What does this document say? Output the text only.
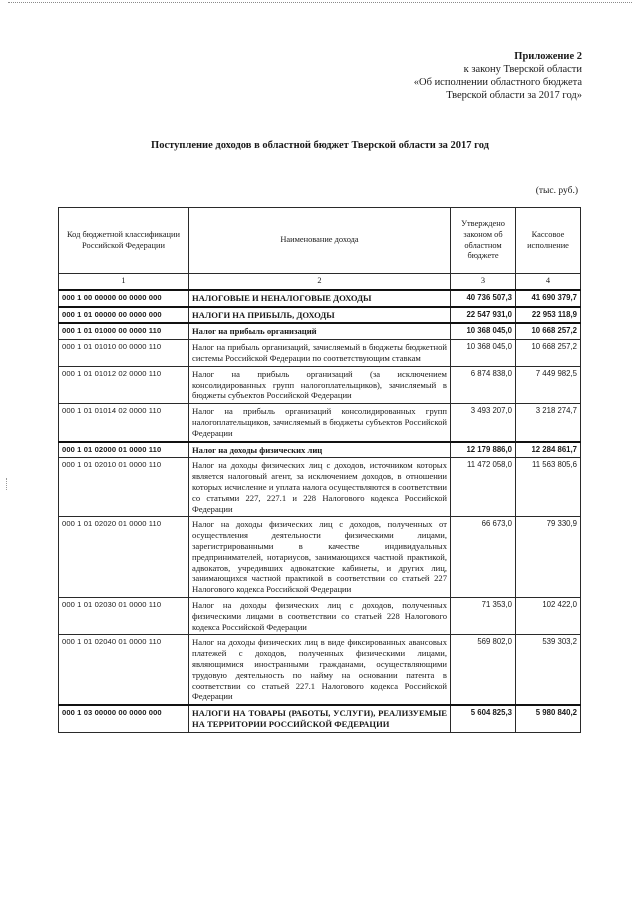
Приложение 2
к закону Тверской области
«Об исполнении областного бюджета
Тверской области за 2017 год»
Поступление доходов в областной бюджет Тверской области за 2017 год
(тыс. руб.)
Код бюджетной классификации Российской Федерации	Наименование дохода	Утверждено законом об областном бюджете	Кассовое исполнение
1	2	3	4
000 1 00 00000 00 0000 000	НАЛОГОВЫЕ И НЕНАЛОГОВЫЕ ДОХОДЫ	40 736 507,3	41 690 379,7
000 1 01 00000 00 0000 000	НАЛОГИ НА ПРИБЫЛЬ, ДОХОДЫ	22 547 931,0	22 953 118,9
000 1 01 01000 00 0000 110	Налог на прибыль организаций	10 368 045,0	10 668 257,2
000 1 01 01010 00 0000 110	Налог на прибыль организаций, зачисляемый в бюджеты бюджетной системы Российской Федерации по соответствующим ставкам	10 368 045,0	10 668 257,2
000 1 01 01012 02 0000 110	Налог на прибыль организаций (за исключением консолидированных групп налогоплательщиков), зачисляемый в бюджеты субъектов Российской Федерации	6 874 838,0	7 449 982,5
000 1 01 01014 02 0000 110	Налог на прибыль организаций консолидированных групп налогоплательщиков, зачисляемый в бюджеты субъектов Российской Федерации	3 493 207,0	3 218 274,7
000 1 01 02000 01 0000 110	Налог на доходы физических лиц	12 179 886,0	12 284 861,7
000 1 01 02010 01 0000 110	Налог на доходы физических лиц с доходов, источником которых является налоговый агент, за исключением доходов, в отношении которых исчисление и уплата налога осуществляются в соответствии со статьями 227, 227.1 и 228 Налогового кодекса Российской Федерации	11 472 058,0	11 563 805,6
000 1 01 02020 01 0000 110	Налог на доходы физических лиц с доходов, полученных от осуществления деятельности физическими лицами, зарегистрированными в качестве индивидуальных предпринимателей, нотариусов, занимающихся частной практикой, адвокатов, учредивших адвокатские кабинеты, и других лиц, занимающихся частной практикой в соответствии со статьей 227 Налогового кодекса Российской Федерации	66 673,0	79 330,9
000 1 01 02030 01 0000 110	Налог на доходы физических лиц с доходов, полученных физическими лицами в соответствии со статьей 228 Налогового кодекса Российской Федерации	71 353,0	102 422,0
000 1 01 02040 01 0000 110	Налог на доходы физических лиц в виде фиксированных авансовых платежей с доходов, полученных физическими лицами, являющимися иностранными гражданами, осуществляющими трудовую деятельность по найму на основании патента в соответствии со статьей 227.1 Налогового кодекса Российской Федерации	569 802,0	539 303,2
000 1 03 00000 00 0000 000	НАЛОГИ НА ТОВАРЫ (РАБОТЫ, УСЛУГИ), РЕАЛИЗУЕМЫЕ НА ТЕРРИТОРИИ РОССИЙСКОЙ ФЕДЕРАЦИИ	5 604 825,3	5 980 840,2
